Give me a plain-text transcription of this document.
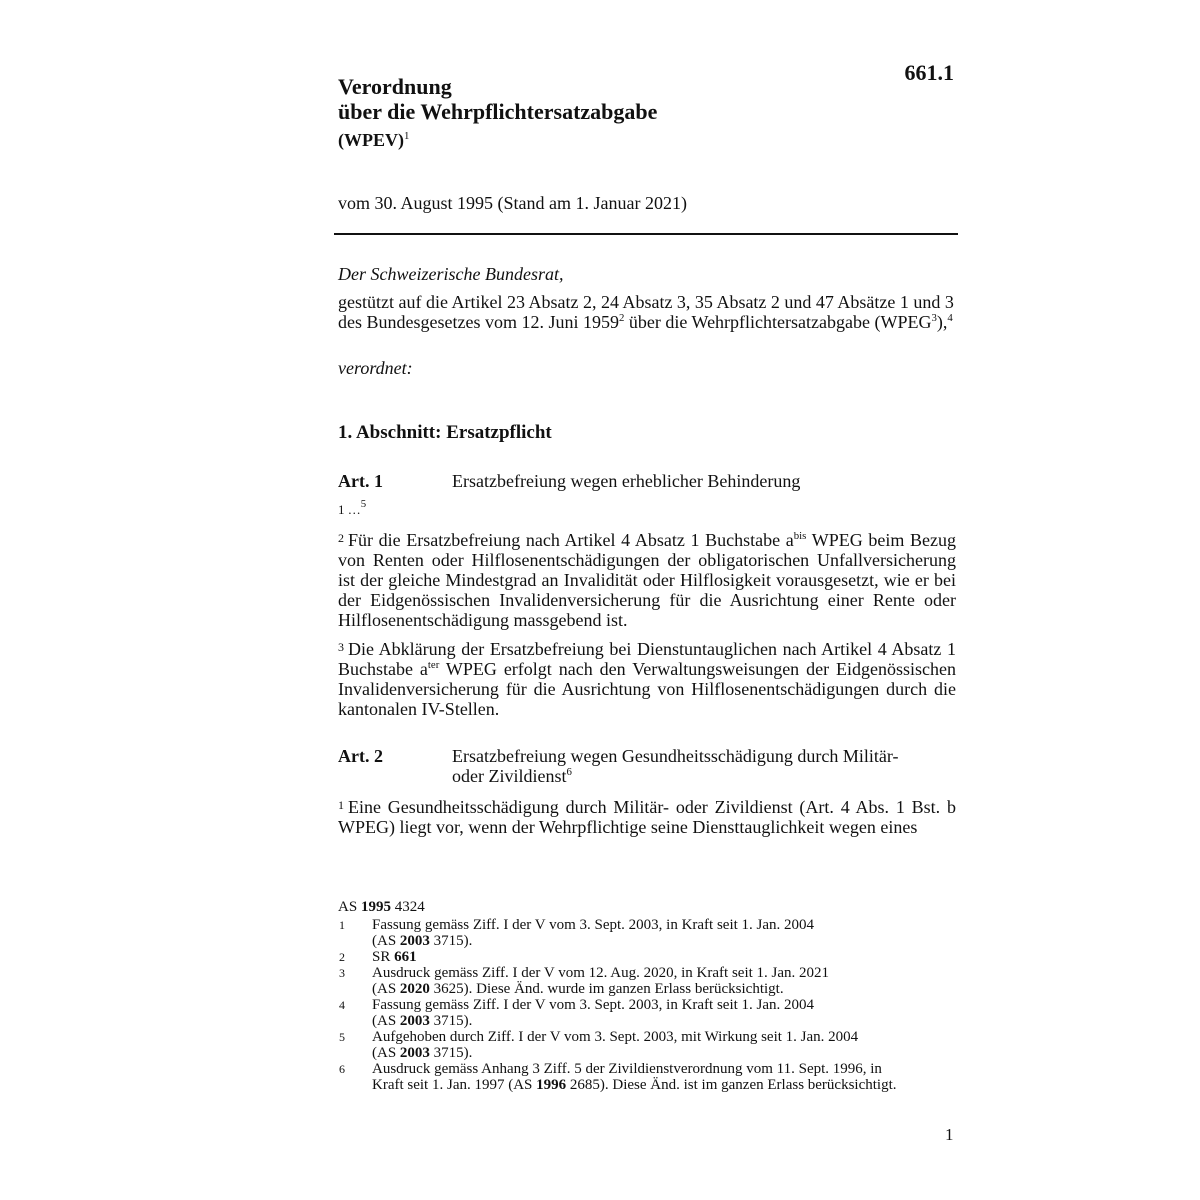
661.1
Verordnung
über die Wehrpflichtersatzabgabe
(WPEV)$^1$
vom 30. August 1995 (Stand am 1. Januar 2021)
Der Schweizerische Bundesrat,
gestützt auf die Artikel 23 Absatz 2, 24 Absatz 3, 35 Absatz 2 und 47 Absätze 1 und 3 des Bundesgesetzes vom 12. Juni 1959$^2$ über die Wehrpflichtersatzabgabe (WPEG$^3$),$^4$
verordnet:
1. Abschnitt: Ersatzpflicht
Art. 1	Ersatzbefreiung wegen erheblicher Behinderung
1 …$^5$
$^2$ Für die Ersatzbefreiung nach Artikel 4 Absatz 1 Buchstabe $a^{bis}$ WPEG beim Bezug von Renten oder Hilflosenentschädigungen der obligatorischen Unfallversicherung ist der gleiche Mindestgrad an Invalidität oder Hilflosigkeit vorausgesetzt, wie er bei der Eidgenössischen Invalidenversicherung für die Ausrichtung einer Rente oder Hilflosenentschädigung massgebend ist.
$^3$ Die Abklärung der Ersatzbefreiung bei Dienstuntauglichen nach Artikel 4 Absatz 1 Buchstabe $a^{ter}$ WPEG erfolgt nach den Verwaltungsweisungen der Eidgenössischen Invalidenversicherung für die Ausrichtung von Hilflosenentschädigungen durch die kantonalen IV-Stellen.
Art. 2	Ersatzbefreiung wegen Gesundheitsschädigung durch Militär-
oder Zivildienst$^6$
$^1$ Eine Gesundheitsschädigung durch Militär- oder Zivildienst (Art. 4 Abs. 1 Bst. b WPEG) liegt vor, wenn der Wehrpflichtige seine Diensttauglichkeit wegen eines
AS 1995 4324
1	Fassung gemäss Ziff. I der V vom 3. Sept. 2003, in Kraft seit 1. Jan. 2004
(AS 2003 3715).
2	SR 661
3	Ausdruck gemäss Ziff. I der V vom 12. Aug. 2020, in Kraft seit 1. Jan. 2021
(AS 2020 3625). Diese Änd. wurde im ganzen Erlass berücksichtigt.
4	Fassung gemäss Ziff. I der V vom 3. Sept. 2003, in Kraft seit 1. Jan. 2004
(AS 2003 3715).
5	Aufgehoben durch Ziff. I der V vom 3. Sept. 2003, mit Wirkung seit 1. Jan. 2004
(AS 2003 3715).
6	Ausdruck gemäss Anhang 3 Ziff. 5 der Zivildienstverordnung vom 11. Sept. 1996, in
Kraft seit 1. Jan. 1997 (AS 1996 2685). Diese Änd. ist im ganzen Erlass berücksichtigt.
1
